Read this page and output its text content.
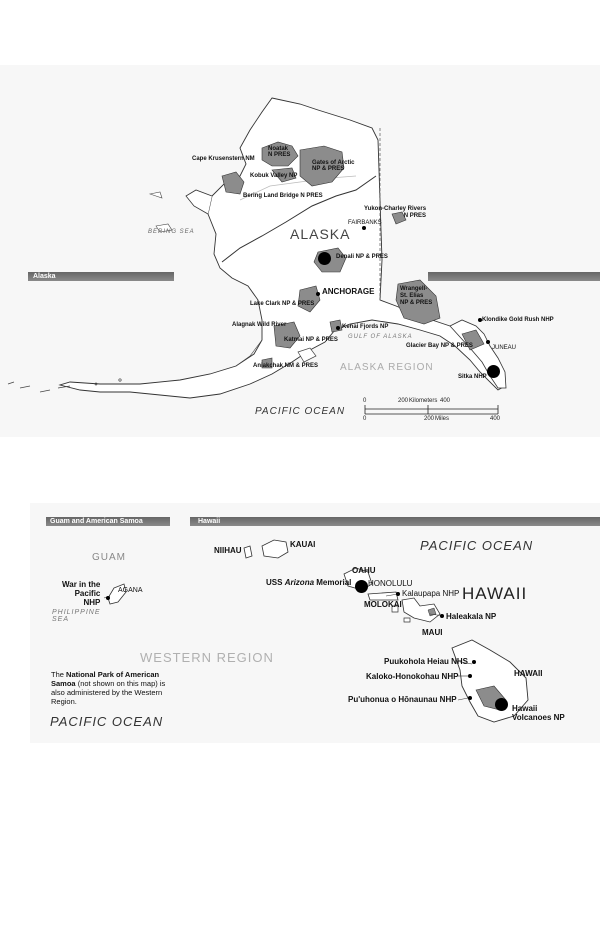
Alaska
ALASKA
ALASKA REGION
PACIFIC OCEAN
BERING SEA
GULF OF ALASKA
ANCHORAGE
FAIRBANKS
JUNEAU
Cape Krusenstern NM
Noatak
N PRES
Gates of Arctic
NP & PRES
Kobuk Valley NP
Bering Land Bridge N PRES
Yukon-Charley Rivers
N PRES
Denali NP & PRES
Lake Clark NP & PRES
Wrangell-
St. Elias
NP & PRES
Alagnak Wild River	Kenai Fjords NP
Katmai NP & PRES
Aniakchak NM & PRES
Klondike Gold Rush NHP
Glacier Bay NP & PRES
Sitka NHP
0	200 Kilometers 400
0	200 Miles	400
Guam and American Samoa	Hawaii
GUAM
War in the
Pacific
NHP
AGANA
PHILIPPINE
SEA
WESTERN REGION
The National Park of American Samoa (not shown on this map) is also administered by the Western Region.
PACIFIC OCEAN
PACIFIC OCEAN
HAWAII
NIIHAU
KAUAI
OAHU
MOLOKAI
MAUI
HAWAII
HONOLULU
USS Arizona Memorial
Kalaupapa NHP
Haleakala NP
Puukohola Heiau NHS
Kaloko-Honokohau NHP
Pu'uhonua o Hōnaunau NHP
Hawaii
Volcanoes NP
